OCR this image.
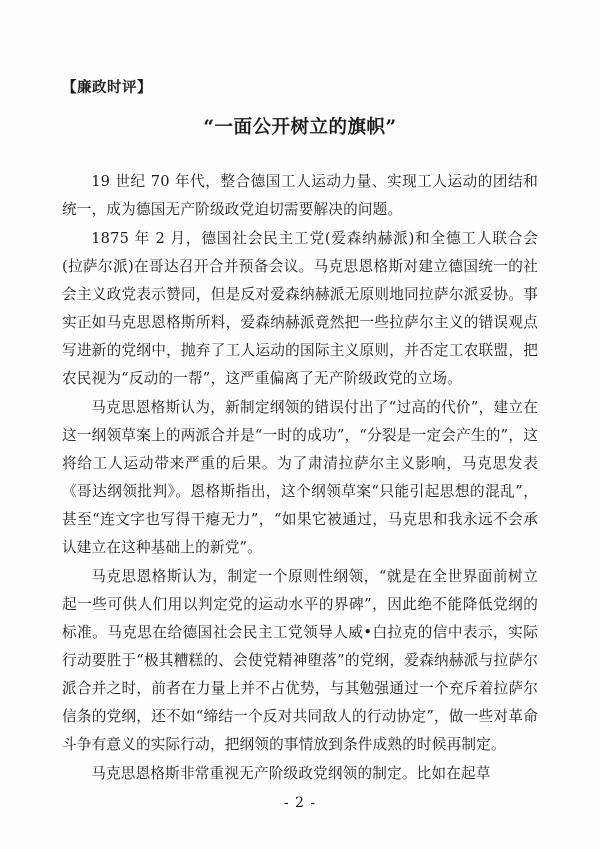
【廉政时评】
“一面公开树立的旗帜”

19 世纪 70 年代，整合德国工人运动力量、实现工人运动的团结和统一，成为德国无产阶级政党迫切需要解决的问题。

1875 年 2 月，德国社会民主工党(爱森纳赫派)和全德工人联合会(拉萨尔派)在哥达召开合并预备会议。马克思恩格斯对建立德国统一的社会主义政党表示赞同，但是反对爱森纳赫派无原则地同拉萨尔派妥协。事实正如马克思恩格斯所料，爱森纳赫派竟然把一些拉萨尔主义的错误观点写进新的党纲中，抛弃了工人运动的国际主义原则，并否定工农联盟，把农民视为“反动的一帮”，这严重偏离了无产阶级政党的立场。

马克思恩格斯认为，新制定纲领的错误付出了“过高的代价”，建立在这一纲领草案上的两派合并是“一时的成功”，“分裂是一定会产生的”，这将给工人运动带来严重的后果。为了肃清拉萨尔主义影响，马克思发表《哥达纲领批判》。恩格斯指出，这个纲领草案“只能引起思想的混乱”，甚至“连文字也写得干瘪无力”，“如果它被通过，马克思和我永远不会承认建立在这种基础上的新党”。

马克思恩格斯认为，制定一个原则性纲领，“就是在全世界面前树立起一些可供人们用以判定党的运动水平的界碑”，因此绝不能降低党纲的标准。马克思在给德国社会民主工党领导人威•白拉克的信中表示，实际行动要胜于“极其糟糕的、会使党精神堕落”的党纲，爱森纳赫派与拉萨尔派合并之时，前者在力量上并不占优势，与其勉强通过一个充斥着拉萨尔信条的党纲，还不如“缔结一个反对共同敌人的行动协定”，做一些对革命斗争有意义的实际行动，把纲领的事情放到条件成熟的时候再制定。

马克思恩格斯非常重视无产阶级政党纲领的制定。比如在起草

- 2 -
